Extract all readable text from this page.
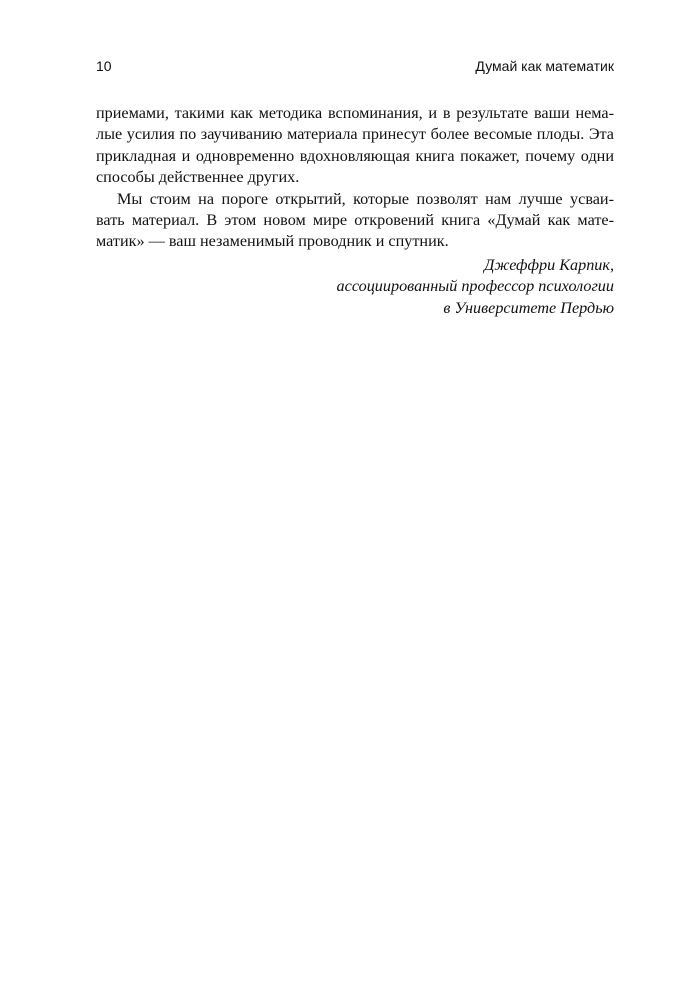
10	Думай как математик
приемами, такими как методика вспоминания, и в результате ваши нема-
лые усилия по заучиванию материала принесут более весомые плоды. Эта
прикладная и одновременно вдохновляющая книга покажет, почему одни
способы действеннее других.
Мы стоим на пороге открытий, которые позволят нам лучше усваи-
вать материал. В этом новом мире откровений книга «Думай как мате-
матик» — ваш незаменимый проводник и спутник.
Джеффри Карпик,
ассоциированный профессор психологии
в Университете Пердью
